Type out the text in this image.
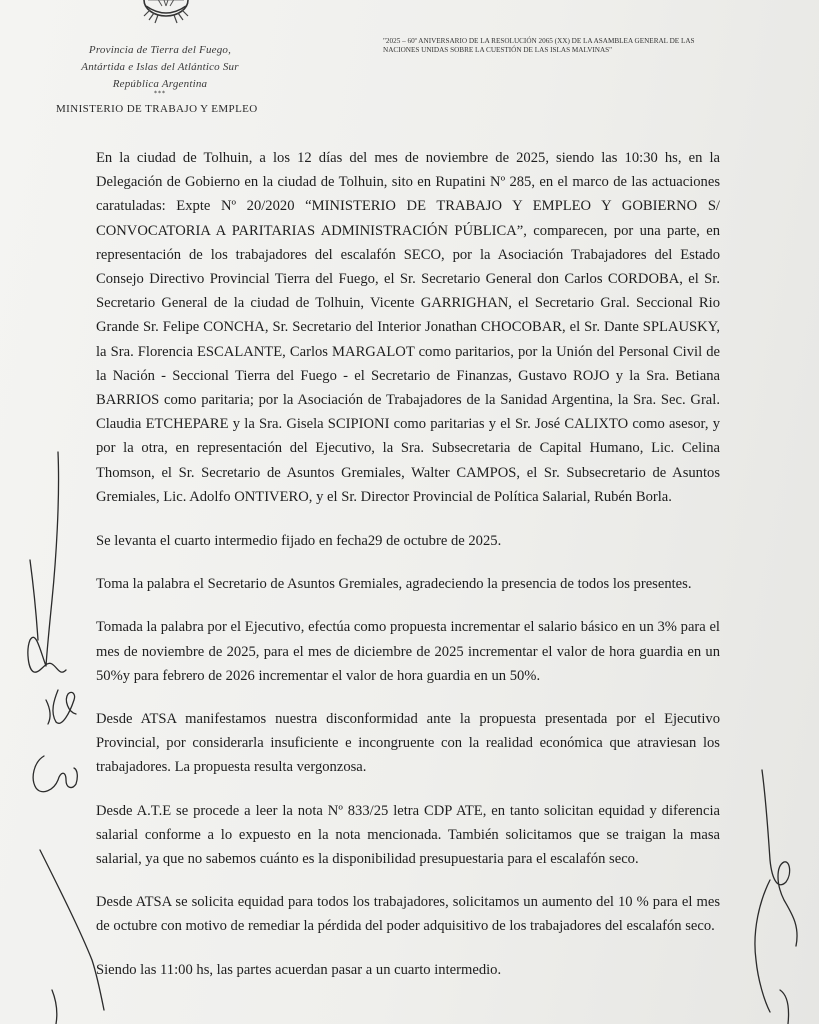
Provincia de Tierra del Fuego,
Antártida e Islas del Atlántico Sur
República Argentina
***
MINISTERIO DE TRABAJO Y EMPLEO
"2025 – 60º ANIVERSARIO DE LA RESOLUCIÓN 2065 (XX) DE LA ASAMBLEA GENERAL DE LAS NACIONES UNIDAS SOBRE LA CUESTIÓN DE LAS ISLAS MALVINAS"

En la ciudad de Tolhuin, a los 12 días del mes de noviembre de 2025, siendo las 10:30 hs, en la Delegación de Gobierno en la ciudad de Tolhuin, sito en Rupatini Nº 285, en el marco de las actuaciones caratuladas: Expte Nº 20/2020 “MINISTERIO DE TRABAJO Y EMPLEO Y GOBIERNO S/ CONVOCATORIA A PARITARIAS ADMINISTRACIÓN PÚBLICA”, comparecen, por una parte, en representación de los trabajadores del escalafón SECO, por la Asociación Trabajadores del Estado Consejo Directivo Provincial Tierra del Fuego, el Sr. Secretario General don Carlos CORDOBA, el Sr. Secretario General de la ciudad de Tolhuin, Vicente GARRIGHAN, el Secretario Gral. Seccional Rio Grande Sr. Felipe CONCHA, Sr. Secretario del Interior Jonathan CHOCOBAR, el Sr. Dante SPLAUSKY, la Sra. Florencia ESCALANTE, Carlos MARGALOT como paritarios, por la Unión del Personal Civil de la Nación - Seccional Tierra del Fuego - el Secretario de Finanzas, Gustavo ROJO y la Sra. Betiana BARRIOS como paritaria; por la Asociación de Trabajadores de la Sanidad Argentina, la Sra. Sec. Gral. Claudia ETCHEPARE y la Sra. Gisela SCIPIONI como paritarias y el Sr. José CALIXTO como asesor, y por la otra, en representación del Ejecutivo, la Sra. Subsecretaria de Capital Humano, Lic. Celina Thomson, el Sr. Secretario de Asuntos Gremiales, Walter CAMPOS, el Sr. Subsecretario de Asuntos Gremiales, Lic. Adolfo ONTIVERO, y el Sr. Director Provincial de Política Salarial, Rubén Borla.

Se levanta el cuarto intermedio fijado en fecha29 de octubre de 2025.

Toma la palabra el Secretario de Asuntos Gremiales, agradeciendo la presencia de todos los presentes.

Tomada la palabra por el Ejecutivo, efectúa como propuesta incrementar el salario básico en un 3% para el mes de noviembre de 2025, para el mes de diciembre de 2025 incrementar el valor de hora guardia en un 50%y para febrero de 2026 incrementar el valor de hora guardia en un 50%.

Desde ATSA manifestamos nuestra disconformidad ante la propuesta presentada por el Ejecutivo Provincial, por considerarla insuficiente e incongruente con la realidad económica que atraviesan los trabajadores. La propuesta resulta vergonzosa.

Desde A.T.E se procede a leer la nota Nº 833/25 letra CDP ATE, en tanto solicitan equidad y diferencia salarial conforme a lo expuesto en la nota mencionada. También solicitamos que se traigan la masa salarial, ya que no sabemos cuánto es la disponibilidad presupuestaria para el escalafón seco.

Desde ATSA se solicita equidad para todos los trabajadores, solicitamos un aumento del 10 % para el mes de octubre con motivo de remediar la pérdida del poder adquisitivo de los trabajadores del escalafón seco.

Siendo las 11:00 hs, las partes acuerdan pasar a un cuarto intermedio.
